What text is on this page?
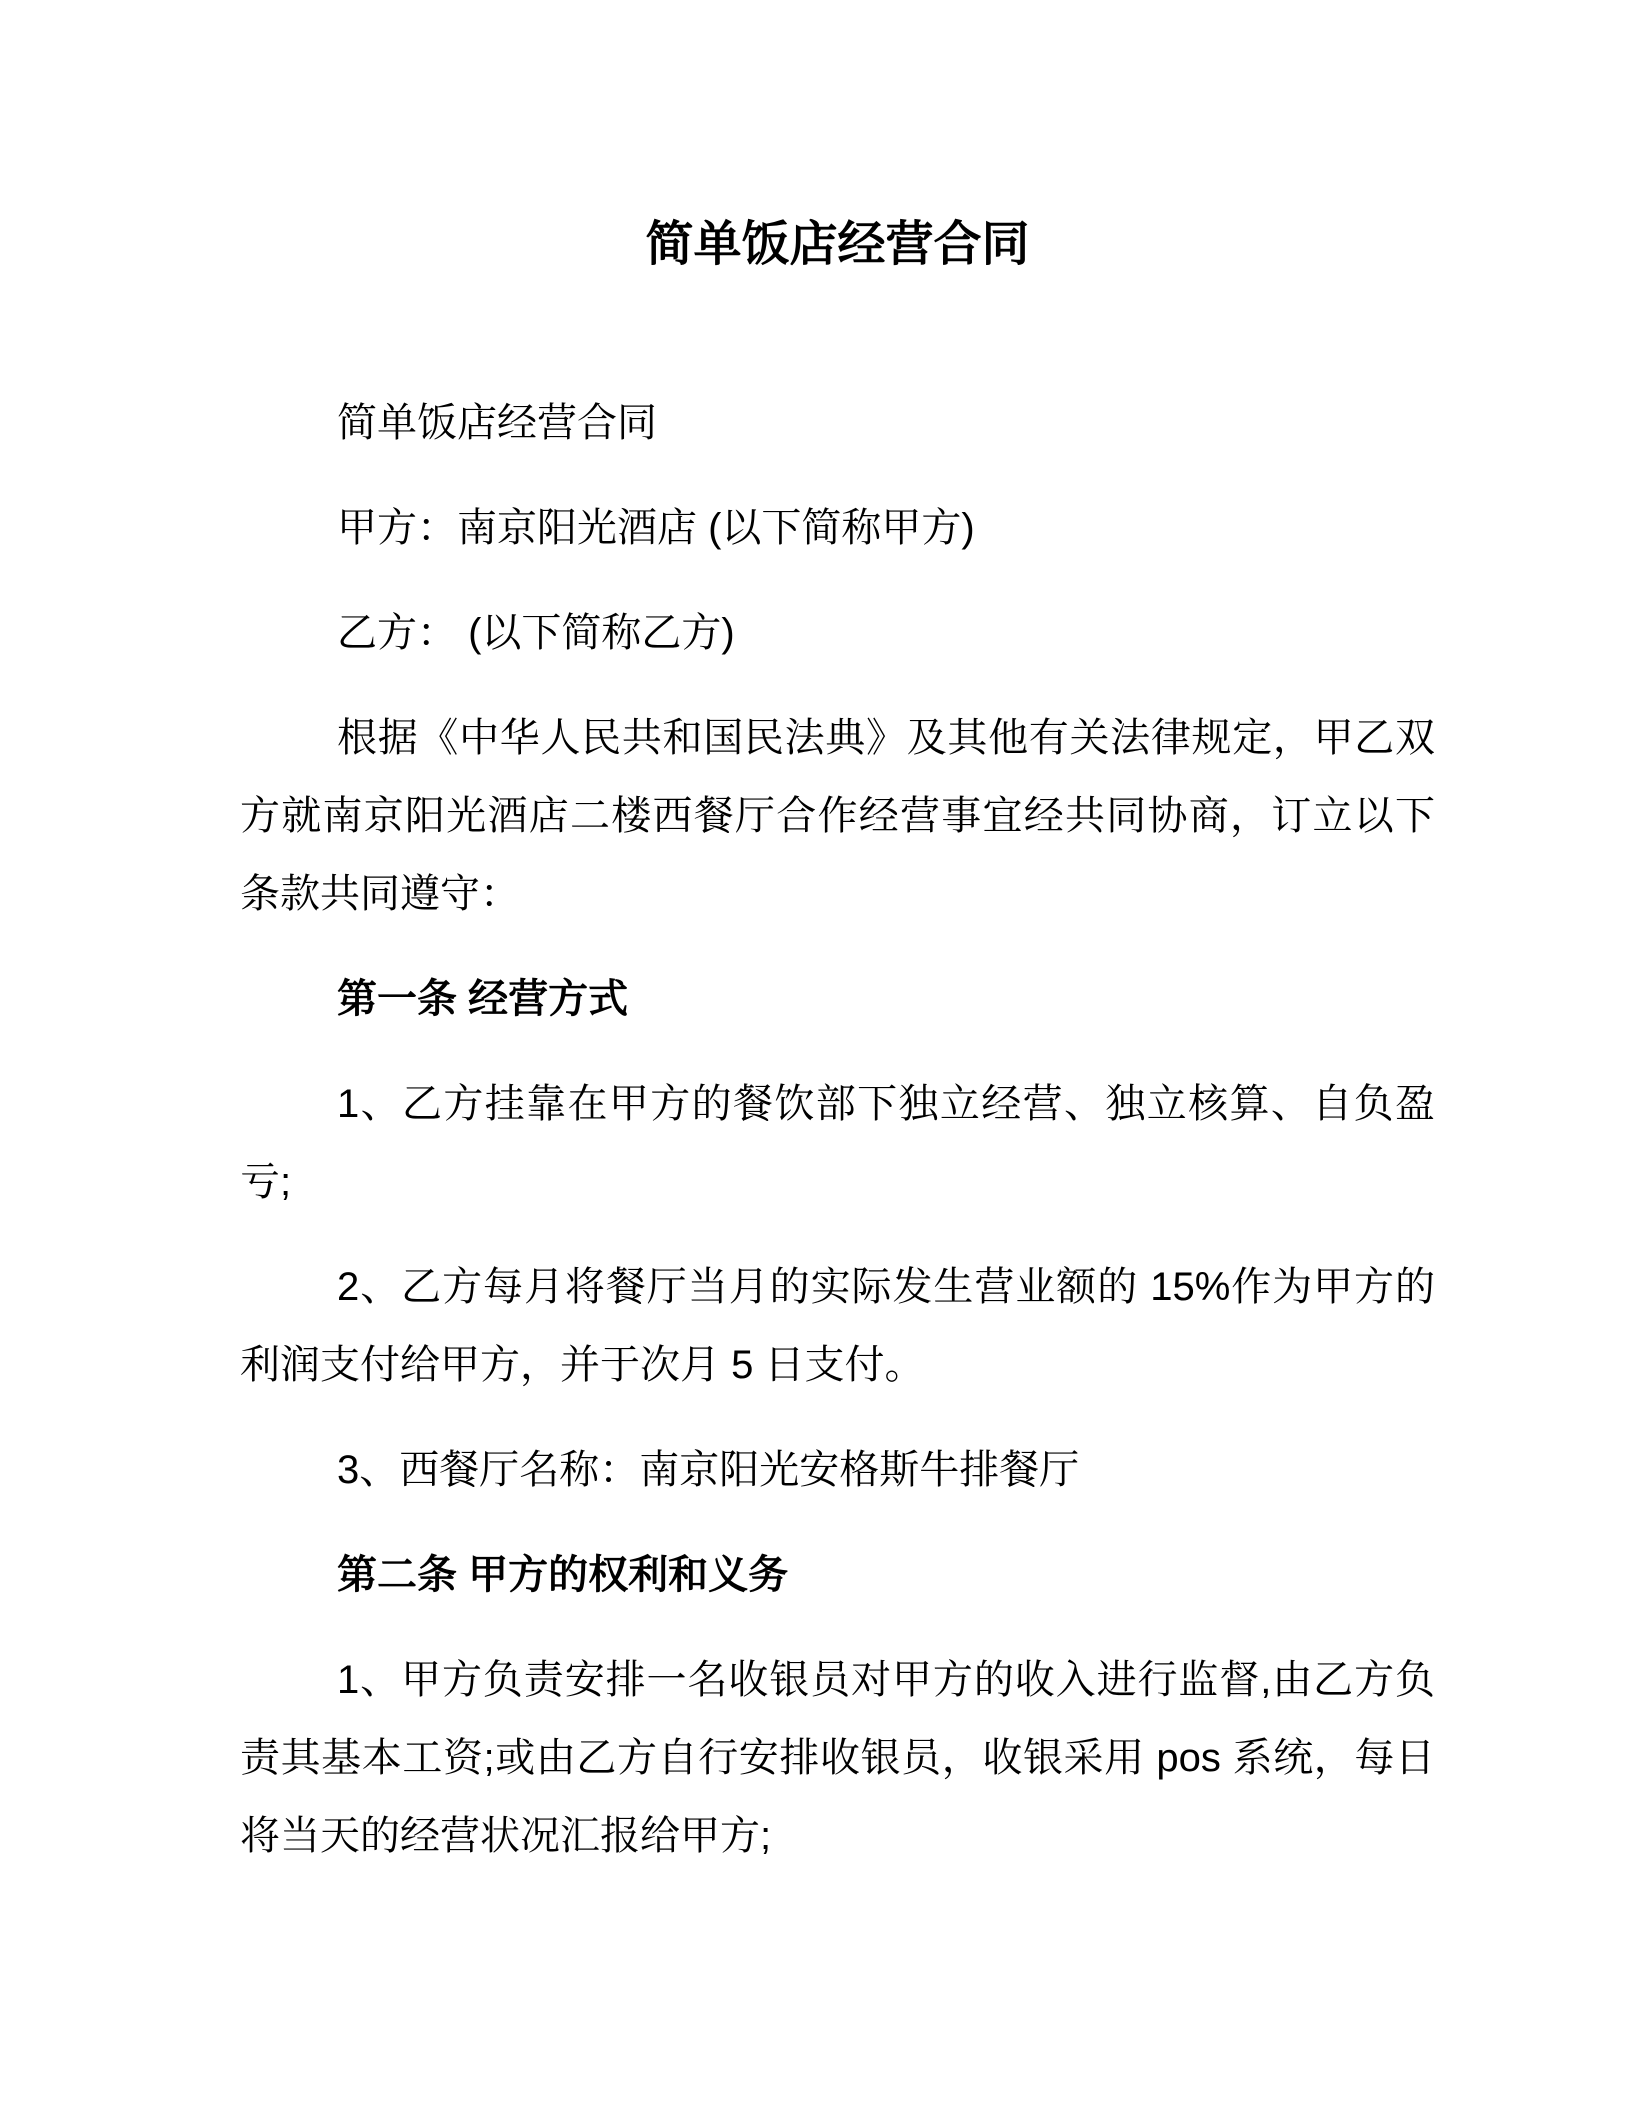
简单饭店经营合同

简单饭店经营合同

甲方：南京阳光酒店 (以下简称甲方)

乙方： (以下简称乙方)

根据《中华人民共和国民法典》及其他有关法律规定，甲乙双方就南京阳光酒店二楼西餐厅合作经营事宜经共同协商，订立以下条款共同遵守：

第一条 经营方式

1、乙方挂靠在甲方的餐饮部下独立经营、独立核算、自负盈亏;

2、乙方每月将餐厅当月的实际发生营业额的 15%作为甲方的利润支付给甲方，并于次月 5 日支付。

3、西餐厅名称：南京阳光安格斯牛排餐厅

第二条 甲方的权利和义务

1、甲方负责安排一名收银员对甲方的收入进行监督,由乙方负责其基本工资;或由乙方自行安排收银员，收银采用 pos 系统，每日将当天的经营状况汇报给甲方;
